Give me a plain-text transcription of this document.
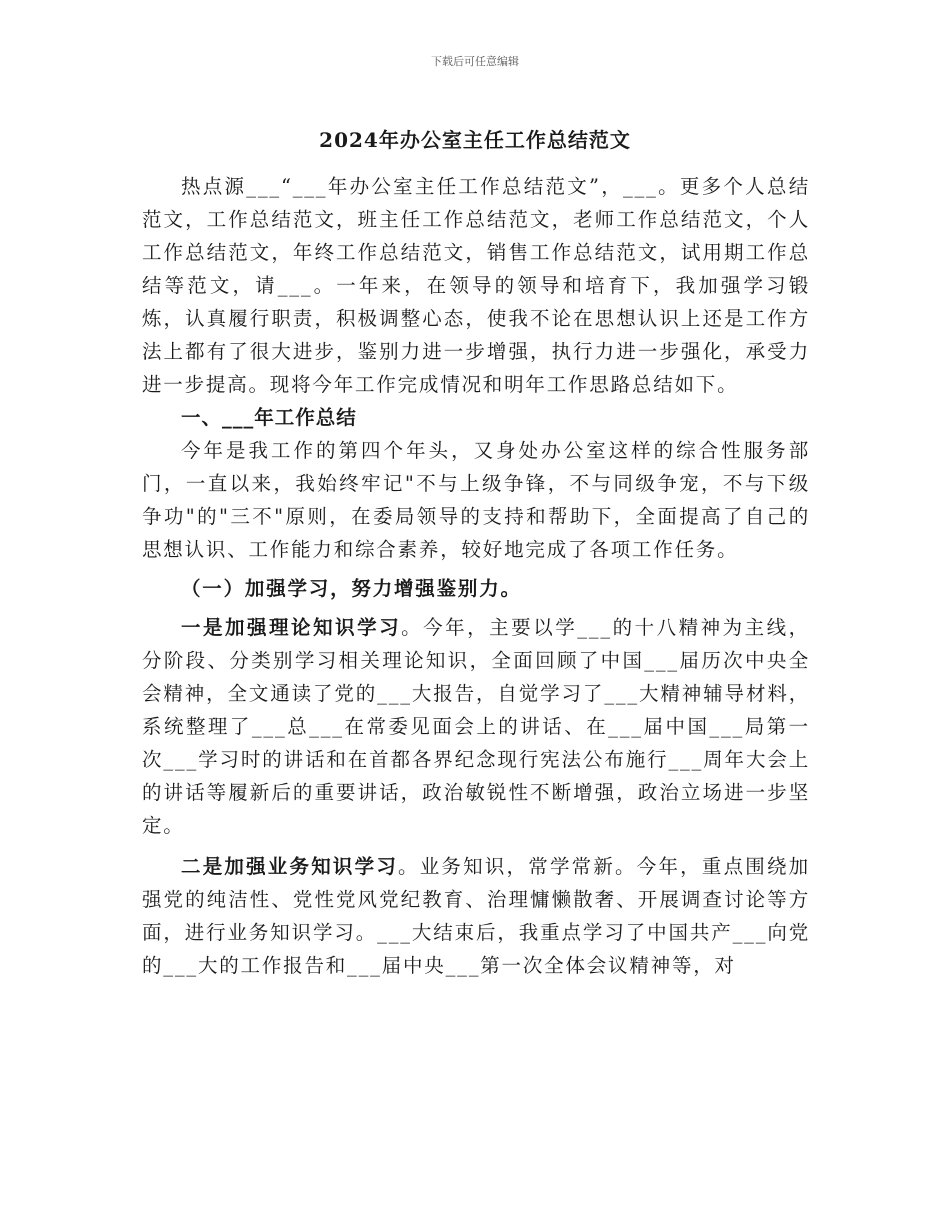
下载后可任意编辑
2024年办公室主任工作总结范文

热点源___“___年办公室主任工作总结范文”，___。更多个人总结范文，工作总结范文，班主任工作总结范文，老师工作总结范文，个人工作总结范文，年终工作总结范文，销售工作总结范文，试用期工作总结等范文，请___。一年来，在领导的领导和培育下，我加强学习锻炼，认真履行职责，积极调整心态，使我不论在思想认识上还是工作方法上都有了很大进步，鉴别力进一步增强，执行力进一步强化，承受力进一步提高。现将今年工作完成情况和明年工作思路总结如下。

一、___年工作总结

今年是我工作的第四个年头，又身处办公室这样的综合性服务部门，一直以来，我始终牢记"不与上级争锋，不与同级争宠，不与下级争功"的"三不"原则，在委局领导的支持和帮助下，全面提高了自己的思想认识、工作能力和综合素养，较好地完成了各项工作任务。

（一）加强学习，努力增强鉴别力。

一是加强理论知识学习。今年，主要以学___的十八精神为主线，分阶段、分类别学习相关理论知识，全面回顾了中国___届历次中央全会精神，全文通读了党的___大报告，自觉学习了___大精神辅导材料，系统整理了___总___在常委见面会上的讲话、在___届中国___局第一次___学习时的讲话和在首都各界纪念现行宪法公布施行___周年大会上的讲话等履新后的重要讲话，政治敏锐性不断增强，政治立场进一步坚定。

二是加强业务知识学习。业务知识，常学常新。今年，重点围绕加强党的纯洁性、党性党风党纪教育、治理慵懒散奢、开展调查讨论等方面，进行业务知识学习。___大结束后，我重点学习了中国共产___向党的___大的工作报告和___届中央___第一次全体会议精神等，对
